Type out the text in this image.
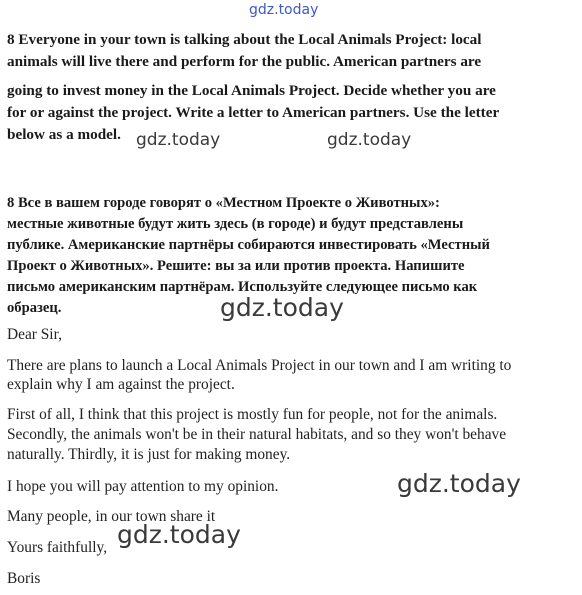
gdz.today
8 Everyone in your town is talking about the Local Animals Project: local
animals will live there and perform for the public. American partners are
going to invest money in the Local Animals Project. Decide whether you are
for or against the project. Write a letter to American partners. Use the letter
below as a model. gdz.today	gdz.today
8 Все в вашем городе говорят о «Местном Проекте о Животных»:
местные животные будут жить здесь (в городе) и будут представлены
публике. Американские партнёры собираются инвестировать «Местный
Проект о Животных». Решите: вы за или против проекта. Напишите
письмо американским партнёрам. Используйте следующее письмо как
образец.	gdz.today
Dear Sir,
There are plans to launch a Local Animals Project in our town and I am writing to
explain why I am against the project.
First of all, I think that this project is mostly fun for people, not for the animals.
Secondly, the animals won't be in their natural habitats, and so they won't behave
naturally. Thirdly, it is just for making money.
I hope you will pay attention to my opinion.
Many people, in our town share it
Yours faithfully,
Boris
gdz.today
gdz.today
